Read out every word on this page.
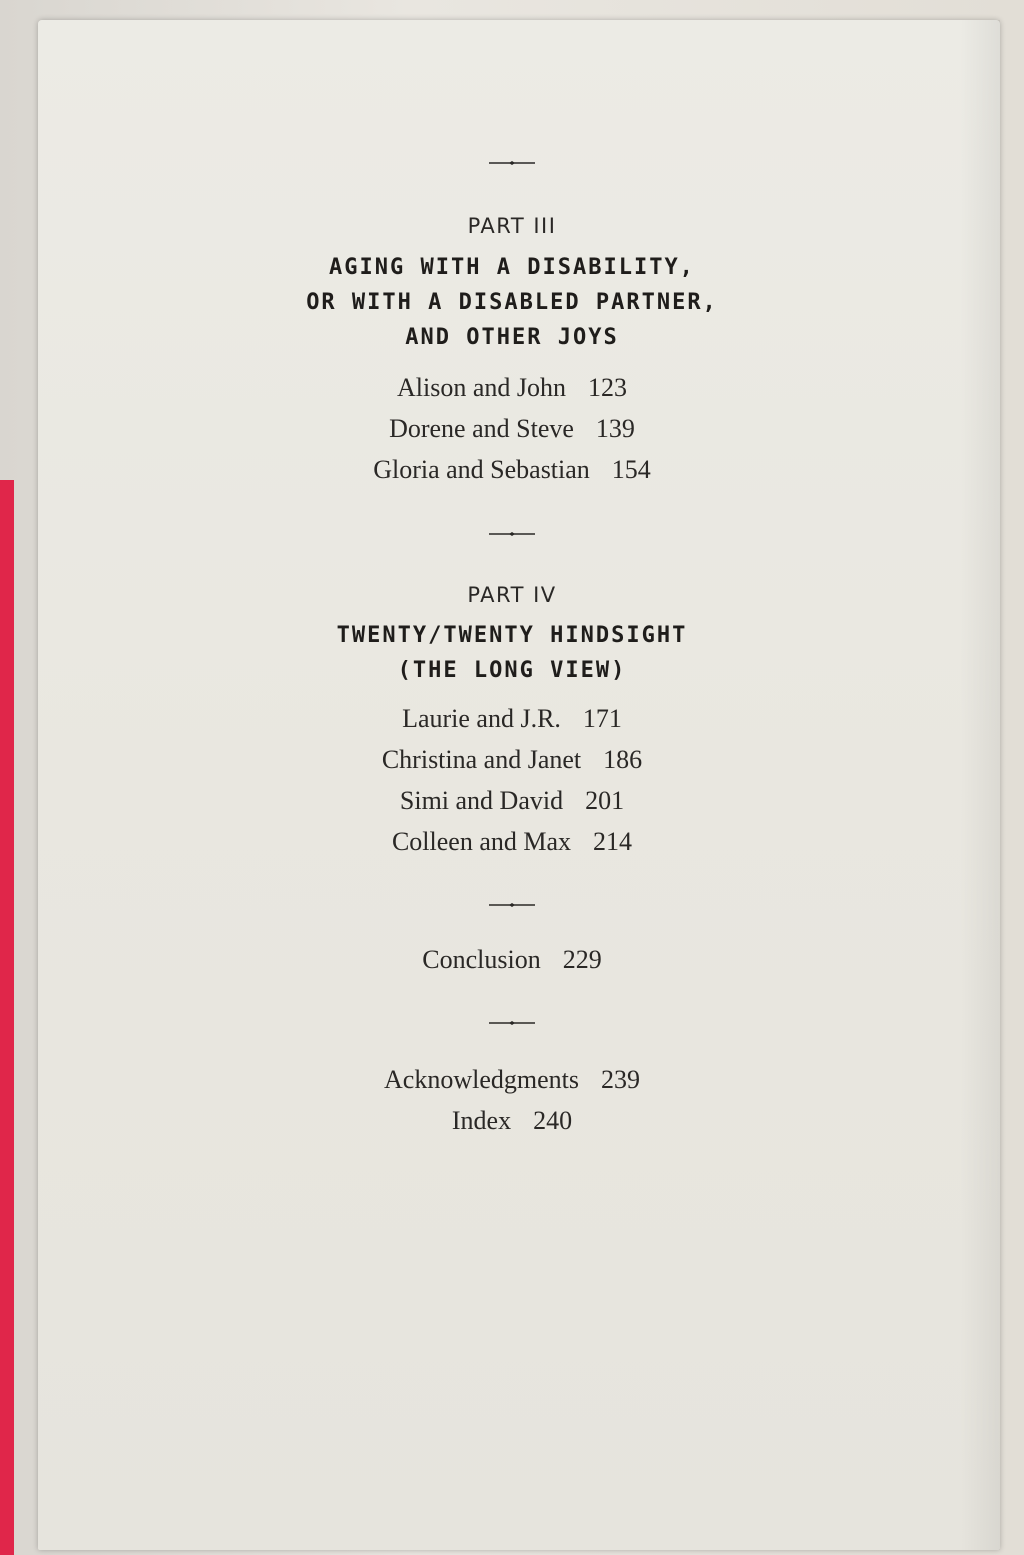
PART III
AGING WITH A DISABILITY,
OR WITH A DISABLED PARTNER,
AND OTHER JOYS
Alison and John 123
Dorene and Steve 139
Gloria and Sebastian 154
PART IV
TWENTY/TWENTY HINDSIGHT
(THE LONG VIEW)
Laurie and J.R. 171
Christina and Janet 186
Simi and David 201
Colleen and Max 214
Conclusion 229
Acknowledgments 239
Index 240
